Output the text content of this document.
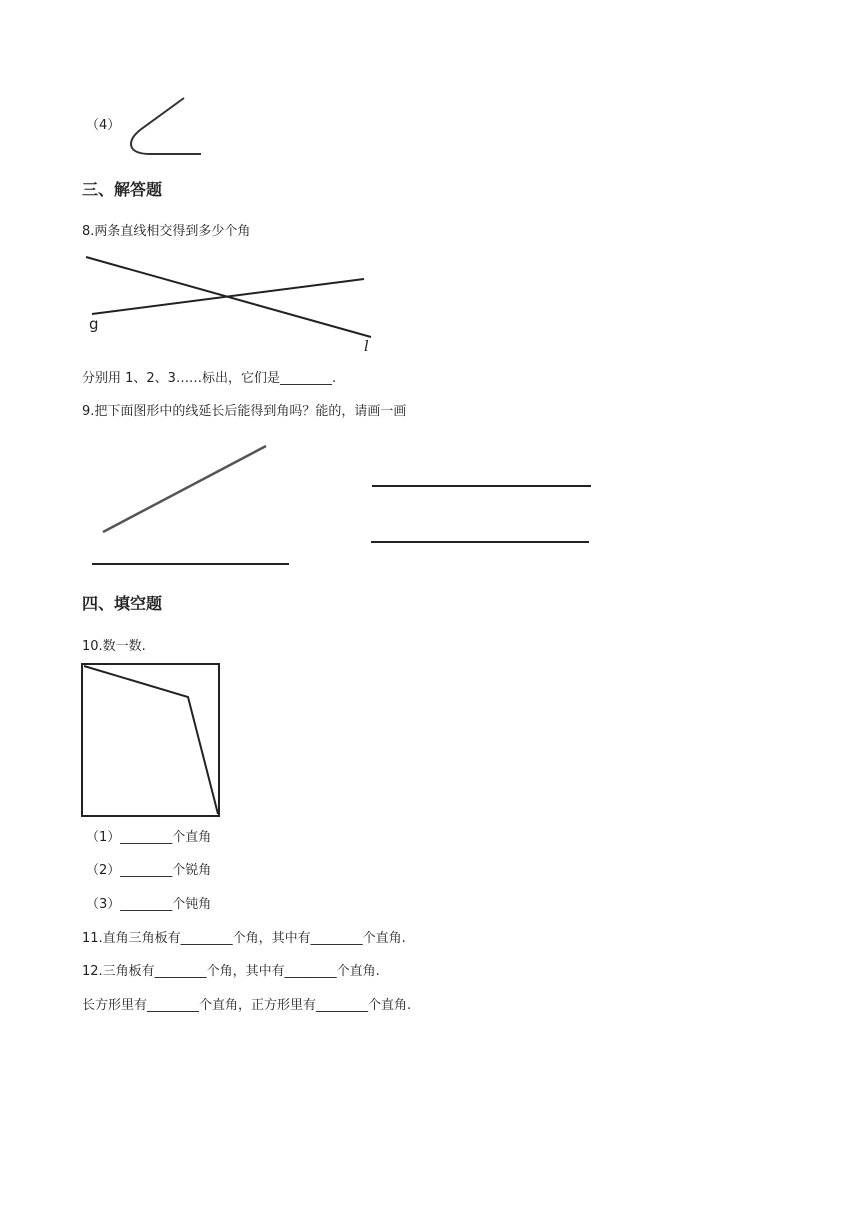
（4）
三、解答题
8.两条直线相交得到多少个角
g
l
分别用 1、2、3……标出，它们是________.
9.把下面图形中的线延长后能得到角吗？能的，请画一画
四、填空题
10.数一数.
（1）________个直角
（2）________个锐角
（3）________个钝角
11.直角三角板有________个角，其中有________个直角.
12.三角板有________个角，其中有________个直角.
长方形里有________个直角，正方形里有________个直角.
